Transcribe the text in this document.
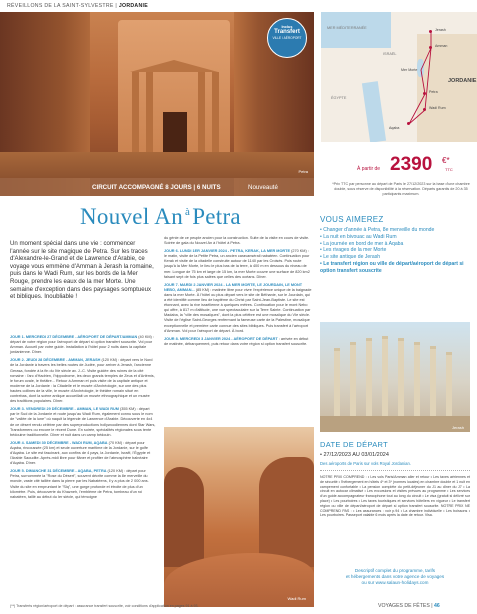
RÉVEILLONS DE LA SAINT-SYLVESTRE | JORDANIE
Petra
CIRCUIT ACCOMPAGNÉ 8 JOURS | 6 NUITS	Nouveauté
Inclus
Transfert
VILLE / AÉROPORT
MER MÉDITERRANÉE
ISRAËL
ÉGYPTE
JORDANIE
Jerash
Amman
Mer Morte
Petra
Wadi Rum
Aqaba
À partir de 2390 €*
TTC
*Prix TTC par personne au départ de Paris le 27/12/2023 sur la base d'une chambre double, sous réserve de disponibilité à la réservation. Départs garantis de 20 à 35 participants maximum.
Nouvel An $^à$Petra
Un moment spécial dans une vie : commencer l'année sur le site magique de Petra. Sur les traces d'Alexandre-le-Grand et de Lawrence d'Arabie, ce voyage vous emmène d'Amman à Jerash la romaine, puis dans le Wadi Rum, sur les bords de la Mer Rouge, prendre les eaux de la mer Morte. Une semaine d'exception dans des paysages somptueux et bibliques. Inoubliable !

JOUR 1. MERCREDI 27 DÉCEMBRE - AÉROPORT DE DÉPART/AMMAN (40 KM) : départ de votre région pour l'aéroport de départ si option transfert souscrite. Vol pour Amman. Accueil par votre guide. Installation à l'hôtel pour 2 nuits dans la capitale jordanienne. Dîner.

JOUR 2. JEUDI 28 DÉCEMBRE - AMMAN, JERASH (120 KM) : départ vers le Nord de la Jordanie à travers les belles routes de Judée, pour arriver à Jerash, l'ancienne Gerasa, fondée à la fin du IVe siècle av. J.-C. Visite guidée des ruines de la cité romaine : l'arc d'Hadrien, l'hippodrome, les deux grands temples de Zeus et d'Artémis, le forum ovale, le théâtre... Retour à Amman et puis visite de la capitale antique et moderne de la Jordanie : la Citadelle et le musée d'Archéologie, sur une des plus hautes collines de la ville, le musée d'Archéologie, le théâtre romain situé en contrebas, dont la scène antique accueillait un musée ethnographique et un musée des traditions populaires. Dîner.

JOUR 3. VENDREDI 29 DÉCEMBRE - AMMAN, LE WADI RUM (355 KM) : départ par le Sud de la Jordanie et route jusqu'au Wadi Rum, également connu sous le nom de "vallée de la lune" où naquit la légende de Lawrence d'Arabie. Découverte en 4x4 de ce désert rendu célèbre par des superproductions hollywoodiennes dont Star Wars, Transformers ou encore le récent Dune. En soirée, spécialités régionales sous tente bédouine traditionnelle. Dîner et nuit dans un camp bédouin.

JOUR 4. SAMEDI 30 DÉCEMBRE - WADI RUM, AQABA (70 KM) : départ pour Aqaba, rincoussée (25 km) et seule ouverture maritime de la Jordanie, sur le golfe d'Aqaba. Le site est fascinant, aux confins de 4 pays, la Jordanie, Israël, l'Égypte et l'Arabie Saoudite. Après-midi libre pour flâner et profiter de l'atmosphère balnéaire d'Aqaba. Dîner.

JOUR 5. DIMANCHE 31 DÉCEMBRE - AQABA, PETRA (120 KM) : départ pour Petra, surnommée la "Rose du Désert", souvent décrite comme la 8e merveille du monde, vaste cité taillée dans la pierre par les Nabatéens, il y a plus de 2 000 ans. Visite du site en empruntant le "Siq", une gorge profonde et étroite de plus d'un kilomètre. Puis, découverte du Khazneh, l'emblème de Petra, tombeau d'un roi nabatéen, taillé au début du Ier siècle, qui témoigne

du génie de ce peuple ancien pour la construction. Suite de la visite en cours de visite. Soirée de gala du Nouvel An à l'hôtel à Petra.

JOUR 6. LUNDI 1ER JANVIER 2024 - PETRA, KERAK, LA MER MORTE (270 KM) : le matin, visite de la Petite Petra, un ancien caravansérail nabatéen. Continuation pour Kerak et visite de la citadelle construite autour de 1140 par les Croisés. Puis route jusqu'à la Mer Morte, le lieu le plus bas de la terre, à 400 m en dessous du niveau de mer. Longue de 75 km et large de 15 km, la mer Morte couvre une surface de 820 km2 faisant sept de fois plus salées que celles des océans. Dîner.

JOUR 7. MARDI 2 JANVIER 2024 - LA MER MORTE, LE JOURDAIN, LE MONT NEBO, AMMAN... (85 KM) : matinée libre pour vivre l'expérience unique de la baignade dans la mer Morte. À l'hôtel ou plus départ vers le site de Béthanie, sur le Jourdain, qui a été identifié comme lieu de baptême du Christ par Saint-Jean-Baptiste. Le site est étonnant, avec la rive israélienne à quelques mètres. Continuation pour le mont Nebo qui offre, à 817 m d'altitude, une vue spectaculaire sur la Terre Sainte. Continuation par Madaba, la "ville des mosaïques", dont la plus célèbre est une mosaïque du VIe siècle. Visite de l'église Saint-Georges renfermant la fameuse carte de la Palestine, mosaïque exceptionnelle et première carte connue des sites bibliques. Puis transfert à l'aéroport d'Amman. Vol pour l'aéroport de départ. À bord.

JOUR 8. MERCREDI 3 JANVIER 2024 - AÉROPORT DE DÉPART : arrivée en début de matinée, débarquement, puis retour dans votre région si option transfert souscrite.

Wadi Rum
VOUS AIMEREZ
• Changer d'année à Petra, 8e merveille du monde
• La nuit en bivouac au Wadi Rum
• La journée en bord de mer à Aqaba
• Les rivages de la mer Morte
• Le site antique de Jerash
• Le transfert région ou ville de départ/aéroport de départ si option transfert souscrite
Jerash
DATE DE DÉPART
• 27/12/2023 AU 03/01/2024
Des aéroports de Paris sur vols Royal Jordanian.
NOTRE PRIX COMPREND : • Les vols Paris/Amman aller et retour • Les taxes aériennes et de sécurité • l'hébergement en hôtels 4* et 3* (normes locales) en chambre double et 1 nuit en campement confortable • La pension complète du petit-déjeuner du J1 au dîner du J7 • La circuit en autocar climatisé • Les excursions et visites prévues au programme • Les services d'un guide accompagnateur francophone tout au long du circuit • Le visa (gratuit si délivré sur place) • Les pourboires • Les taxes touristiques et services hôteliers en vigueur • Le transfert région ou ville de départ/aéroport de départ si option transfert souscrite. NOTRE PRIX NE COMPREND PAS : • Les assurances : voir p.94 • La chambre individuelle • Les boissons • Les pourboires. Passeport valable 6 mois après la date de retour. Visa.
Descriptif complet du programme, tarifs
et hébergements dans votre agence de voyages
ou sur www.salaun-holidays.com
(**) Transferts région/aéroport de départ : assurance transfert souscrite, voir conditions d'application en pages 91 à 93.	VOYAGES DE FÊTES | 46
